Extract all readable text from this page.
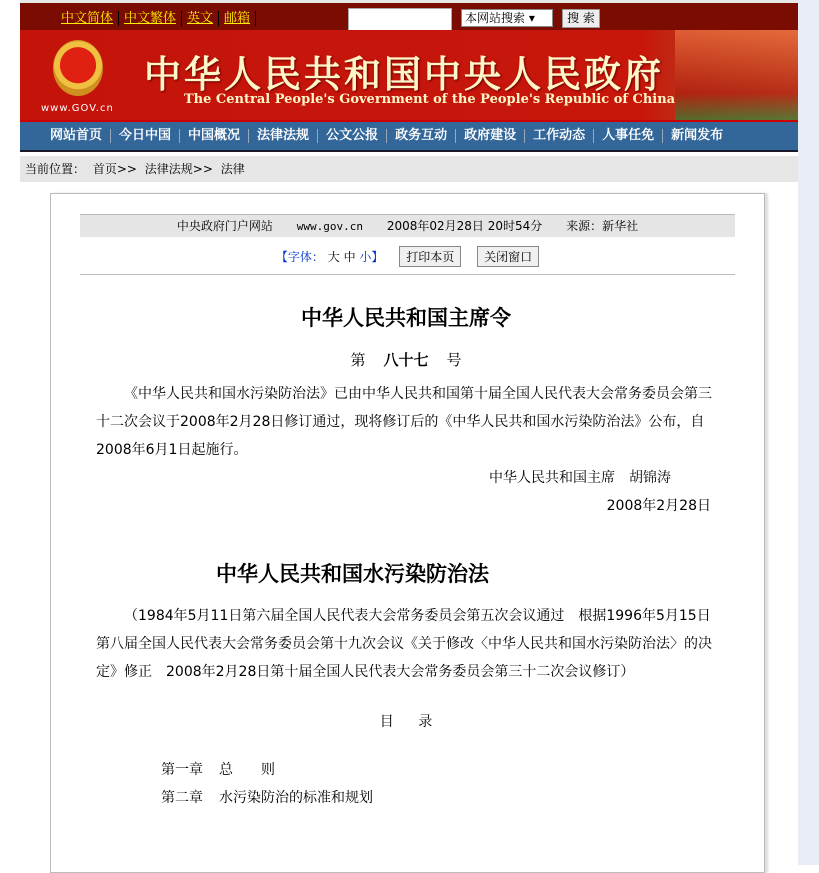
中文简体 中文繁体 英文 邮箱	本网站搜索 ▾	搜 索
www.GOV.cn
中华人民共和国中央人民政府
The Central People's Government of the People's Republic of China
网站首页	今日中国	中国概况	法律法规	公文公报	政务互动	政府建设	工作动态	人事任免	新闻发布
当前位置： 首页>> 法律法规>> 法律
中央政府门户网站 www.gov.cn 2008年02月28日 20时54分 来源：新华社
【字体： 大 中 小】 打印本页 关闭窗口
中华人民共和国主席令
第 八十七 号

《中华人民共和国水污染防治法》已由中华人民共和国第十届全国人民代表大会常务委员会第三十二次会议于2008年2月28日修订通过，现将修订后的《中华人民共和国水污染防治法》公布，自2008年6月1日起施行。

中华人民共和国主席　胡锦涛
2008年2月28日
中华人民共和国水污染防治法

（1984年5月11日第六届全国人民代表大会常务委员会第五次会议通过　根据1996年5月15日第八届全国人民代表大会常务委员会第十九次会议《关于修改〈中华人民共和国水污染防治法〉的决定》修正　2008年2月28日第十届全国人民代表大会常务委员会第三十二次会议修订）

目 录
第一章 总　　则
第二章 水污染防治的标准和规划
